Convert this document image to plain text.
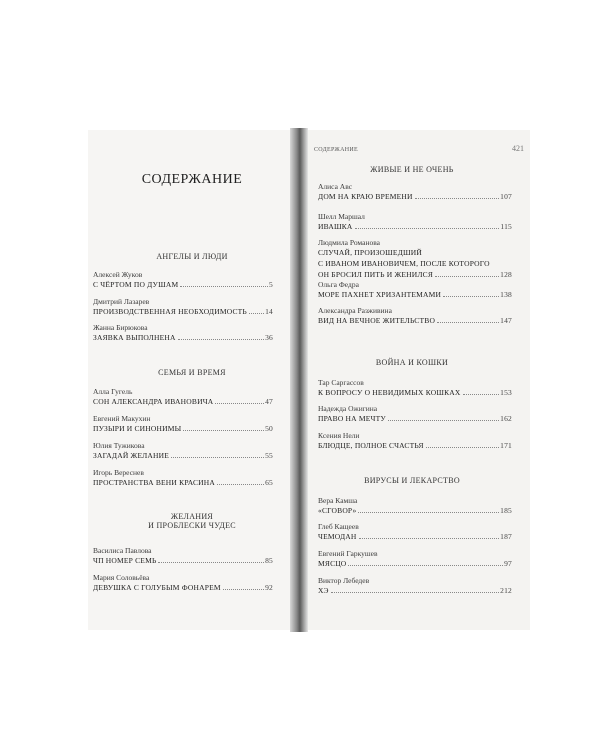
СОДЕРЖАНИЕ
СОДЕРЖАНИЕ	421
АНГЕЛЫ И ЛЮДИ
Алексей Жуков
С ЧЁРТОМ ПО ДУШАМ	5
Дмитрий Лазарев
ПРОИЗВОДСТВЕННАЯ НЕОБХОДИМОСТЬ 14
Жанна Бирюкова
ЗАЯВКА ВЫПОЛНЕНА	36
СЕМЬЯ И ВРЕМЯ
Алла Гугель
СОН АЛЕКСАНДРА ИВАНОВИЧА	47
Евгений Макухин
ПУЗЫРИ И СИНОНИМЫ	50
Юлия Тужикова
ЗАГАДАЙ ЖЕЛАНИЕ	55
Игорь Вереснев
ПРОСТРАНСТВА ВЕНИ КРАСИНА	65
ЖЕЛАНИЯ
И ПРОБЛЕСКИ ЧУДЕС
Василиса Павлова
ЧП НОМЕР СЕМЬ	85
Мария Соловьёва
ДЕВУШКА С ГОЛУБЫМ ФОНАРЕМ	92
ЖИВЫЕ И НЕ ОЧЕНЬ
Алиса Авс
ДОМ НА КРАЮ ВРЕМЕНИ	107
Шелл Маршал
ИВАШКА	115
Людмила Романова
СЛУЧАЙ, ПРОИЗОШЕДШИЙ
С ИВАНОМ ИВАНОВИЧЕМ, ПОСЛЕ КОТОРОГО
ОН БРОСИЛ ПИТЬ И ЖЕНИЛСЯ	128
Ольга Федра
МОРЕ ПАХНЕТ ХРИЗАНТЕМАМИ	138
Александра Разживина
ВИД НА ВЕЧНОЕ ЖИТЕЛЬСТВО	147
ВОЙНА И КОШКИ
Тар Саргассов
К ВОПРОСУ О НЕВИДИМЫХ КОШКАХ	153
Надежда Ожигина
ПРАВО НА МЕЧТУ	162
Ксения Нели
БЛЮДЦЕ, ПОЛНОЕ СЧАСТЬЯ	171
ВИРУСЫ И ЛЕКАРСТВО
Вера Камша
«СГОВОР»	185
Глеб Кащеев
ЧЕМОДАН	187
Евгений Гаркушев
МЯСЦО	97
Виктор Лебедев
ХЭ	212
